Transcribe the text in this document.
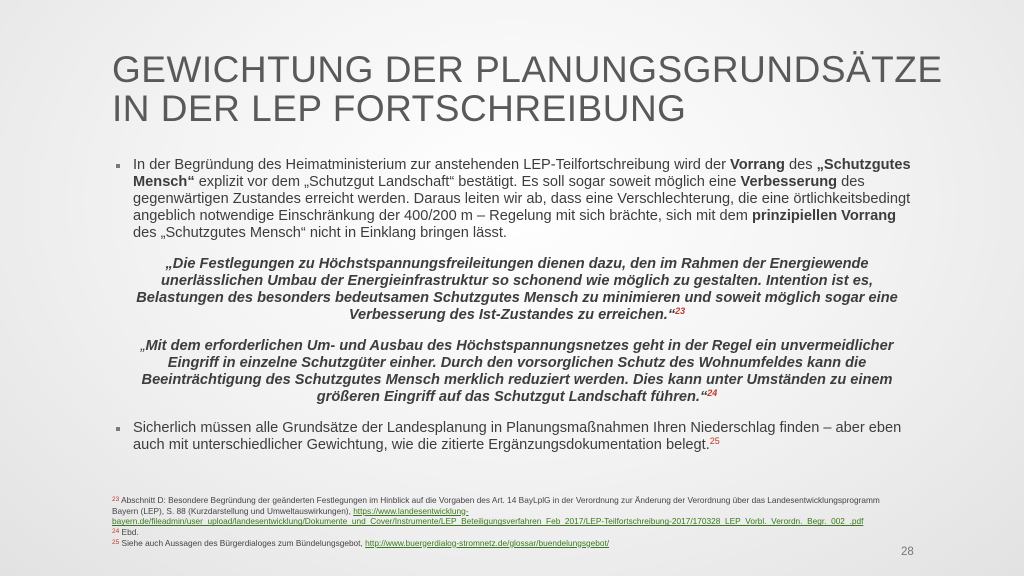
GEWICHTUNG DER PLANUNGSGRUNDSÄTZE
IN DER LEP FORTSCHREIBUNG

In der Begründung des Heimatministerium zur anstehenden LEP-Teilfortschreibung wird der Vorrang des „Schutzgutes Mensch“ explizit vor dem „Schutzgut Landschaft“ bestätigt. Es soll sogar soweit möglich eine Verbesserung des gegenwärtigen Zustandes erreicht werden. Daraus leiten wir ab, dass eine Verschlechterung, die eine örtlichkeitsbedingt angeblich notwendige Einschränkung der 400/200 m – Regelung mit sich brächte, sich mit dem prinzipiellen Vorrang des „Schutzgutes Mensch“ nicht in Einklang bringen lässt.

„Die Festlegungen zu Höchstspannungsfreileitungen dienen dazu, den im Rahmen der Energiewende unerlässlichen Umbau der Energieinfrastruktur so schonend wie möglich zu gestalten. Intention ist es, Belastungen des besonders bedeutsamen Schutzgutes Mensch zu minimieren und soweit möglich sogar eine Verbesserung des Ist-Zustandes zu erreichen.“$^{23}$

„Mit dem erforderlichen Um- und Ausbau des Höchstspannungsnetzes geht in der Regel ein unvermeidlicher Eingriff in einzelne Schutzgüter einher. Durch den vorsorglichen Schutz des Wohnumfeldes kann die Beeinträchtigung des Schutzgutes Mensch merklich reduziert werden. Dies kann unter Umständen zu einem größeren Eingriff auf das Schutzgut Landschaft führen.“$^{24}$

Sicherlich müssen alle Grundsätze der Landesplanung in Planungsmaßnahmen Ihren Niederschlag finden – aber eben auch mit unterschiedlicher Gewichtung, wie die zitierte Ergänzungsdokumentation belegt.$^{25}$

$^{23}$ Abschnitt D: Besondere Begründung der geänderten Festlegungen im Hinblick auf die Vorgaben des Art. 14 BayLplG in der Verordnung zur Änderung der Verordnung über das Landesentwicklungsprogramm Bayern (LEP), S. 88 (Kurzdarstellung und Umweltauswirkungen), https://www.landesentwicklung-bayern.de/fileadmin/user_upload/landesentwicklung/Dokumente_und_Cover/Instrumente/LEP_Beteiligungsverfahren_Feb_2017/LEP-Teilfortschreibung-2017/170328_LEP_Vorbl._Verordn._Begr._002_.pdf

$^{24}$ Ebd.

$^{25}$ Siehe auch Aussagen des Bürgerdialoges zum Bündelungsgebot, http://www.buergerdialog-stromnetz.de/glossar/buendelungsgebot/

28
